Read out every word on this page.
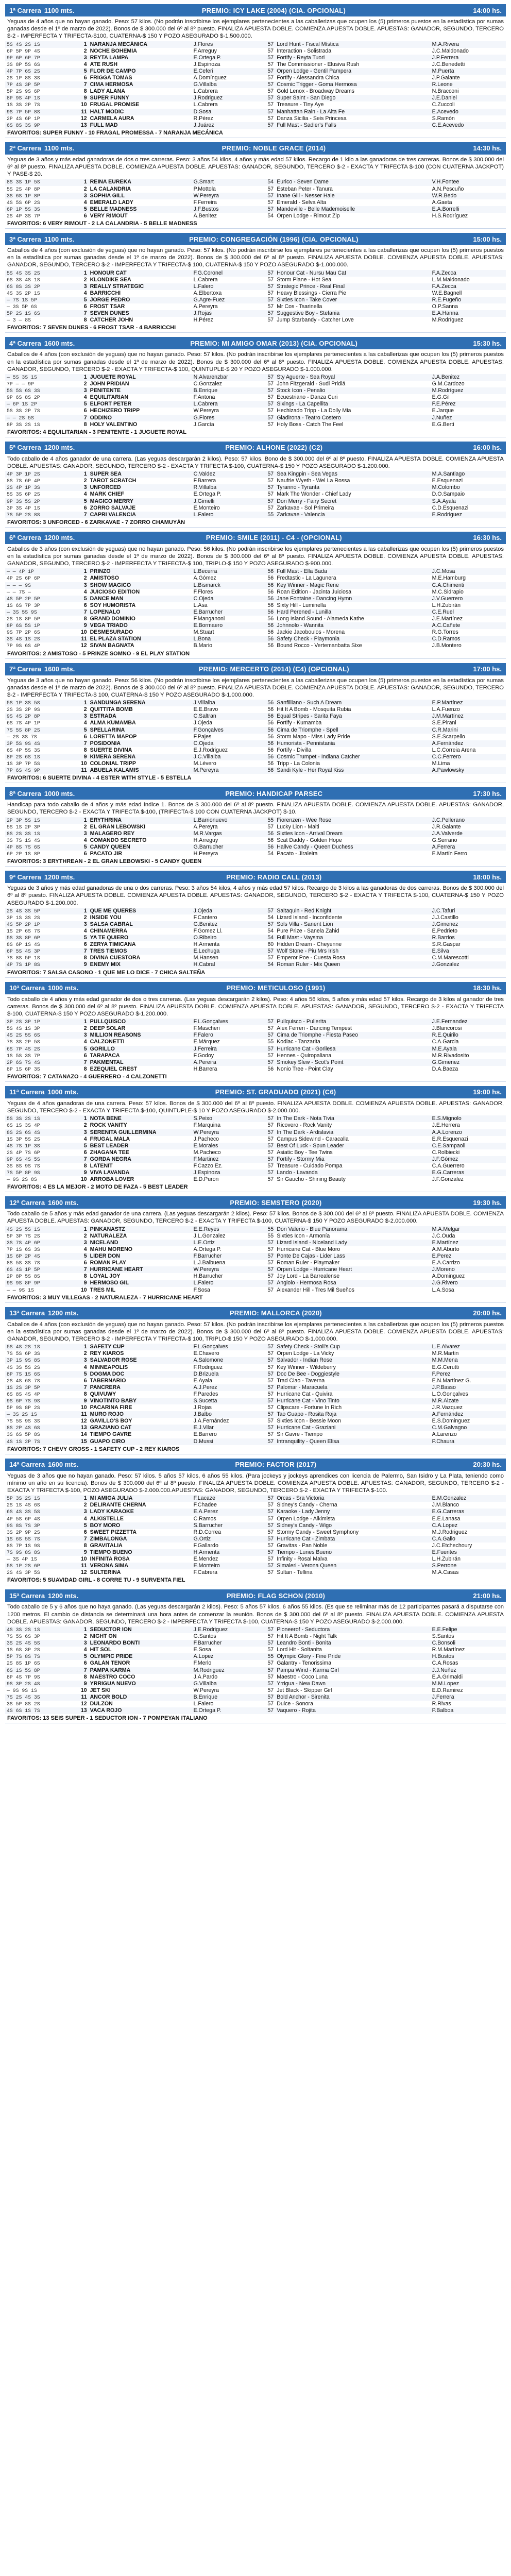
1ª Carrera 1100 mts.	PREMIO: ICY LAKE (2004) (CIA. OPCIONAL)	14:00 hs.
Yeguas de 4 años que no hayan ganado. Peso: 57 kilos. (No podrán inscribirse los ejemplares pertenecientes a las caballerizas que ocupen los (5) primeros puestos en la estadística por sumas ganadas desde el 1º de marzo de 2022). Bonos de $ 300.000 del 6º al 8º puesto. FINALIZA APUESTA DOBLE. COMIENZA APUESTA DOBLE. APUESTAS: GANADOR, SEGUNDO, TERCERO $-2 - IMPERFECTA Y TRIFECTA-$100, CUATERNA-$ 150 Y POZO ASEGURADO $-1.500.000.
5S 4S 2S 1S	1	NARANJA MECÁNICA	J.Flores	57	Lord Hunt - Fiscal Mística	M.A.Rivera
6P 5P 9P 4S	2	NOCHE BOHEMIA	F.Arreguy	57	Interaction - Solistrada	J.C.Maldonado
9P 6P 6P 7P	3	REYTA LAMPA	E.Ortega P.	57	Fortify - Reyta Tuori	J.P.Ferrera
3S 8P 5S 6S	4	ATE RUSH	J.Espinoza	57	The Commissioner - Elusiva Rush	J.C.Benedetti
4P 7P 6S 2S	5	FLOR DE CAMPO	E.Ceferi	57	Orpen Lodge - Gentil Pampera	M.Puerta
2S 1P 8S 3S	6	FRIGGA TOMAS	A.Domínguez	57	Fortify - Alessandra Chica	J.P.Galante
7P 4S 3P 5P	7	CIMA HERMOSA	G.Villalba	57	Cosmic Trigger - Goma Hermosa	R.Leone
5P 2S 9S 6P	8	LADY ALANA	L.Cabrera	57	Gold Lenox - Broadway Dreams	N.Bracconi
8P 9S 4P 1S	9	SUPER FUNNY	J.Rodriguez	57	Super Saint - San Diego	J.E.Daniel
1S 3S 2P 7S	10	FRUGAL PROMISE	L.Cabrera	57	Treasure - Tiny Aye	C.Zuccoli
9S 7P 5P 8S	11	HALT MODIC	D.Sosa	57	Manhattan Rain - La Alta Fe	E.Acevedo
2P 4S 6P 1P	12	CARMELA AURA	R.Pérez	57	Danza Sicilia - Seis Princesa	S.Ramón
6S 8S 3S 9P	13	FULL MAD	J.Juárez	57	Full Mast - Sadler's Falls	C.E.Acevedo
FAVORITOS: SUPER FUNNY - 10 FRAGAL PROMESSA - 7 NARANJA MECÁNICA
2ª Carrera 1100 mts.	PREMIO: NOBLE GRACE (2014)	14:30 hs.
Yeguas de 3 años y más edad ganadoras de dos o tres carreras. Peso: 3 años 54 kilos, 4 años y más edad 57 kilos. Recargo de 1 kilo a las ganadoras de tres carreras. Bonos de $ 300.000 del 6º al 8º puesto. FINALIZA APUESTA DOBLE. COMIENZA APUESTA DOBLE. APUESTAS: GANADOR, SEGUNDO, TERCERO $-2 - EXACTA Y TRIFECTA $-100 (CON CUATERNA JACKPOT) Y PASE-$ 20.
8S 3S 1P 5S	1	REINA EUREKA	G.Smart	54	Eurico - Seven Dame	V.H.Fontee
5S 2S 4P 8P	2	LA CALANDRIA	P.Mottola	57	Esteban Peter - Tanura	A.N.Pescuño
3S 6S 1P 8P	3	SOPHIA GILL	W.Pereyra	57	Inane Gill - Nesser Hale	W.R.Bedo
4S 5S 6P 2S	4	EMERALD LADY	F.Ferreira	57	Emerald - Selva Alta	A.Gaeta
6P 1P 5S 3S	5	BELLE MADNESS	J.F.Bustos	57	Mandeville - Belle Mademoiselle	E.A.Borrelli
2S 4P 3S 7P	6	VERY RIMOUT	A.Benitez	54	Orpen Lodge - Rimout Zip	H.S.Rodríguez
FAVORITOS: 6 VERY RIMOUT - 2 LA CALANDRIA - 5 BELLE MADNESS
3ª Carrera 1100 mts.	PREMIO: CONGREGACIÓN (1996) (CIA. OPCIONAL)	15:00 hs.
Caballos de 4 años (con exclusión de yeguas) que no hayan ganado. Peso: 57 kilos. (No podrán inscribirse los ejemplares pertenecientes a las caballerizas que ocupen los (5) primeros puestos en la estadística por sumas ganadas desde el 1º de marzo de 2022). Bonos de $ 300.000 del 6º al 8º puesto. FINALIZA APUESTA DOBLE. COMIENZA APUESTA DOBLE. APUESTAS: GANADOR, SEGUNDO, TERCERO $-2 - IMPERFECTA Y TRIFECTA-$ 100, CUATERNA-$ 150 Y POZO ASEGURADO $-1.000.000.
5S 4S 3S 2S	1	HONOUR CAT	F.G.Coronel	57	Honour Cat - Nursu Mau Cat	F.A.Zecca
6S 3S 4S 1S	2	KLONDIKE SEA	L.Cabrera	57	Storm Plane - Hot Sea	L.M.Maldonado
6S 8S 3S 2P	3	REALLY STRATEGIC	L.Falero	57	Strategic Prince - Real Final	F.A.Zecca
4S 3S 2P 1S	4	BARRICCHI	A.Elbertoxa	57	Heavy Blessings - Cierra Pie	W.E.Bagnell
— 7S 1S 5P	5	JORGE PEDRO	G.Agre-Fuez	57	Sixties Icon - Take Cover	R.E.Fugeño
— 3S 5P 6S	6	FROST TSAR	A.Pereyra	57	Mr Cos - Tsarinella	O.P.Sanna
5P 2S 1S 6S	7	SEVEN DUNES	J.Rojas	57	Suggestive Boy - Stefania	E.A.Hanna
— 3 — 8S	8	CATCHER JOHN	H.Pérez	57	Jump Starbandy - Catcher Love	M.Rodríguez
FAVORITOS: 7 SEVEN DUNES - 6 FROST TSAR - 4 BARRICCHI
4ª Carrera 1600 mts.	PREMIO: MI AMIGO OMAR (2013) (CIA. OPCIONAL)	15:30 hs.
Caballos de 4 años (con exclusión de yeguas) que no hayan ganado. Peso: 57 kilos. (No podrán inscribirse los ejemplares pertenecientes a las caballerizas que ocupen los (5) primeros puestos en la estadística por sumas ganadas desde el 1º de marzo de 2022). Bonos de $ 300.000 del 6º al 8º puesto. FINALIZA APUESTA DOBLE. COMIENZA APUESTA DOBLE. APUESTAS: GANADOR, SEGUNDO, TERCERO $-2 - EXACTA Y TRIFECTA-$ 100, QUINTUPLE-$ 20 Y POZO ASEGURADO $-1.000.000.
— 5S 3S 1S	1	JUGUETE ROYAL	N.Alvarenzbar	57	Sty Aguerte - Sea Royal	J.A.Benitez
7P — — 9P	2	JOHN PRIDIAN	C.Gonzalez	57	John Fitzgerald - Sudi Pridiá	G.M.Cardozo
5S 5S 6S 3S	3	PENITENTE	B.Enrique	57	Stock Icon - Penalio	M.Rodríguez
9P 6S 8S 2P	4	EQUILITARIAN	F.Antona	57	Ecuestriano - Danza Curi	E.G.Gil
— 6P 1S 2P	5	ELFORT PETER	L.Cabrera	57	Sixings - La Capellita	F.E.Pérez
5S 3S 2P 7S	6	HECHIZERO TRIPP	W.Pereyra	57	Hechizado Tripp - La Dolly Mia	E.Jarque
— — 2S 5S	7	ODDINO	G.Flores	57	Gladirona - Teatro Costero	J.Nuñez
8P 3S 2S 1S	8	HOLY VALENTINO	J.García	57	Holy Boss - Catch The Feel	E.G.Berti
FAVORITOS: 4 EQUILITARIAN - 3 PENITENTE - 1 JUGUETE ROYAL
5ª Carrera 1200 mts.	PREMIO: ALHONE (2022) (C2)	16:00 hs.
Todo caballo de 4 años ganador de una carrera. (Las yeguas descargarán 2 kilos). Peso: 57 kilos. Bono de $ 300.000 del 6º al 8º puesto. FINALIZA APUESTA DOBLE. COMIENZA APUESTA DOBLE. APUESTAS: GANADOR, SEGUNDO, TERCERO $-2 - EXACTA Y TRIFECTA $-100, CUATERNA-$ 150 Y POZO ASEGURADO $-1.200.000.
4P 3P 1P 2S	1	SUPER SEA	C.Valdez	57	Sea Kingpin - Sea Vegas	M.A.Santiago
8S 7S 6P 4P	2	TAROT SCRATCH	F.Barrera	57	Naufrie Wyeth - Wel La Rossa	E.Esquenazi
2S 4P 1P 3S	3	UNFORCED	R.Villalba	57	Tyranno - Tyranta	M.Colombo
5S 3S 6P 2S	4	MARK CHIEF	E.Ortega P.	57	Mark The Wonder - Chief Lady	D.O.Sampaio
9P 3S 5S 2P	5	MAGICO MERRY	J.Gimelli	57	Don Merry - Fairy Secret	S.A.Ayala
3P 3S 4P 1S	6	ZORRO SALVAJE	E.Monteiro	57	Zarkavae - Sol Primeira	C.D.Esquenazi
7S 5P 2S 8S	7	CAPRI VALENCIA	L.Falero	55	Zarkavae - Valencia	E.Rodriguez
FAVORITOS: 3 UNFORCED - 6 ZARKAVAE - 7 ZORRO CHAMUYÁN
6ª Carrera 1200 mts.	PREMIO: SMILE (2011) - C4 - (OPCIONAL)	16:30 hs.
Caballos de 3 años (con exclusión de yeguas) que no hayan ganado. Peso: 56 kilos. (No podrán inscribirse los ejemplares pertenecientes a las caballerizas que ocupen los (5) primeros puestos en la estadística por sumas ganadas desde el 1º de marzo de 2022). Bonos de $ 300.000 del 6º al 8º puesto. FINALIZA APUESTA DOBLE. COMIENZA APUESTA DOBLE. APUESTAS: GANADOR, SEGUNDO, TERCERO $-2 - IMPERFECTA Y TRIFECTA-$ 100, TRIPLO-$ 150 Y POZO ASEGURADO $-900.000.
— — 4P 1P	1	PRINZO	L.Becerra	56	Full Mast - Ella Bada	J.C.Mosa
4P 2S 6P 6P	2	AMISTOSO	A.Gómez	56	Fredtastic - La Lagunera	M.E.Hamburg
— — — 9S	3	SHOW MAGICO	L.Bismarck	56	Key Winner - Magic Rene	C.A.Chimenti
— — 7S —	4	JUICIOSO EDITION	F.Flores	56	Roan Edition - Jacinta Juiciosa	M.C.Sidrapio
4S 5P 2P 5P	5	DANCE MAN	C.Ojeda	56	Jane Fontaine - Dancing Hymn	J.V.Guerrero
1S 6S 7P 3P	6	SOY HUMORISTA	L.Asa	56	Sixty Hill - Luminella	L.H.Zubirán
— 3S 5S 9S	7	LOPENALO	E.Barrucher	56	Hard Perened - Lunilla	C.E.Ruel
2S 1S 8P 5P	8	GRAND DOMINIO	F.Manganoni	56	Long Island Sound - Alameda Kathe	J.E.Martínez
8P 6S 5S 1P	9	VEGA TRIADO	E.Bormaero	56	Johnnolo - Wannita	A.C.Cañete
9S 7P 2P 6S	10	DESMESURADO	M.Stuart	56	Jackie Jacoboulos - Morena	R.G.Torres
3S 4S 1S 2S	11	EL PLAZA STATION	L.Bona	56	Safety Check - Playmonia	C.D.Ramos
7P 9S 6S 4P	12	SIVAN BAGNATA	B.Mario	56	Bound Rocco - Vertemanbatta Sixe	J.B.Montero
FAVORITOS: 2 AMISTOSO - 5 PRINZE SOMNO - 9 EL PLAY STATION
7ª Carrera 1600 mts.	PREMIO: MERCERTO (2014) (C4) (OPCIONAL)	17:00 hs.
Yeguas de 3 años que no hayan ganado. Peso: 56 kilos. (No podrán inscribirse los ejemplares pertenecientes a las caballerizas que ocupen los (5) primeros puestos en la estadística por sumas ganadas desde el 1º de marzo de 2022). Bonos de $ 300.000 del 6º al 8º puesto. FINALIZA APUESTA DOBLE. COMIENZA APUESTA DOBLE. APUESTAS: GANADOR, SEGUNDO, TERCERO $-2 - IMPERFECTA Y TRIFECTA-$ 100, CUATERNA-$ 150 Y POZO ASEGURADO $-1.000.000.
5S 1P 3S 5S	1	SANDUNGA SERENA	J.Villalba	56	Sanfilliano - Such A Dream	E.P.Martínez
2S 3S 2P 9S	2	QUITTITA BOMB	E.E.Bravo	56	Hit It A Bomb - Mosquita Rubia	L.A.Fuenzo
9S 4S 2P 8P	3	ESTRADA	C.Saltran	56	Equal Stripes - Sarita Faya	J.M.Martínez
6S 7S 4P 1P	4	ALMA KUMAMBA	J.Ojeda	56	Fortify - Kumamba	S.E.Pirani
7S 5S 8P 2S	5	SPELLARINA	F.Gonçalves	56	Cima de Triomphe - Spell	C.R.Marini
— 2S 3S 7S	6	LORETTA MAPOP	F.Pajes	56	Storm Mapo - Miss Lady Pride	S.E.Scarpello
3P 5S 9S 4S	7	POSIDONIA	C.Ojeda	56	Humorista - Pennistania	A.Fernández
6S 4P 5S 3S	8	SUERTE DIVINA	E.J.Rodriguez	56	Fortify - Divilla	L.C.Correia Arena
8P 2S 6S 1S	9	KIMERA SERENA	J.C.Villalba	56	Cosmic Trumpet - Indiana Catcher	C.C.Ferrero
1S 3P 7P 5S	10	COLONIAL TRIPP	M.Lévero	56	Tripp - La Colonia	M.Lima
7P 6S 4S 9P	11	ABUELA KALAMIS	M.Pereyra	56	Sandi Kyle - Her Royal Kiss	A.Pawlowsky
FAVORITOS: 6 SUERTE DIVINA - 4 ESTER WITH STYLE - 5 ESTELLA
8ª Carrera 1000 mts.	PREMIO: HANDICAP PARSEC	17:30 hs.
Handicap para todo caballo de 4 años y más edad índice 1. Bonos de $ 300.000 del 6º al 8º puesto. FINALIZA APUESTA DOBLE. COMIENZA APUESTA DOBLE. APUESTAS: GANADOR, SEGUNDO, TERCERO $-2 - EXACTA Y TRIFECTA $-100, (TRIFECTA-$ 100 CON CUATERNA JACKPOT) $-10.
2P 3P 5S 1S	1	ERYTHRINA	L.Barrionuevo	55	Fiorenzen - Wee Rose	J.C.Pellerano
5S 1S 2P 3P	2	EL GRAN LEBOWSKI	A.Pereyra	57	Lucky Lion - Maiti	J.R.Galante
8S 2S 3S 1S	3	MALAGERO REY	M.R.Vargas	56	Sixties Icon - Arrival Dream	J.A.Valverde
3S 7S 1S 4S	4	COMANDO SECRETO	H.Arreguy	56	Scat Daddy - Golden Hope	G.Serrano
4P 8S 7S 6S	5	CANDY QUEEN	G.Barrucher	56	Hallve Candy - Queen Duchess	A.Ferrera
6P 2P 1S 8P	6	PACATO JIR	H.Pereyra	54	Pacato - Jiraleira	E.Martín Ferro
FAVORITOS: 3 ERYTHREAN - 2 EL GRAN LEBOWSKI - 5 CANDY QUEEN
9ª Carrera 1200 mts.	PREMIO: RADIO CALL (2013)	18:00 hs.
Yeguas de 3 años y más edad ganadoras de una o dos carreras. Peso: 3 años 54 kilos, 4 años y más edad 57 kilos. Recargo de 3 kilos a las ganadoras de dos carreras. Bonos de $ 300.000 del 6º al 8º puesto. FINALIZA APUESTA DOBLE. COMIENZA APUESTA DOBLE. APUESTAS: GANADOR, SEGUNDO, TERCERO $-2 - EXACTA Y TRIFECTA $-100, CUATERNA-$ 150 Y POZO ASEGURADO $-1.200.000.
2S 4S 3S 5P	1	QUÉ ME QUERÉS	J.Ojeda	57	Saltaquin - Red Knight	J.C.Tafuri
3P 1S 3S 2S	2	INSIDE YOU	F.Cantero	54	Lizard Island - Inconfidente	J.J.Castillo
4S 5P 2P 1P	3	SALSA CABRAL	G.Benitez	57	Sols Villa - Sanent Lion	J.Gimenez
1S 2P 6S 7S	4	CHINAMERRA	F.Gomez Ll.	54	Pure Prize - Sanela Zahid	E.Pedrieto
5S 3S 8P 6P	5	YA TE QUIERO	O.Ribeiro	54	Full Mast - Vaysma	R.Barrios
8S 6P 1S 4S	6	ZERYA TIMICANA	H.Armenta	60	Hidden Dream - Cheyenne	S.R.Gaspar
6P 5S 4S 3P	7	TRES TIEMOS	E.Lechuga	57	Wolf Stone - Piu Mrs Irish	E.Silva
7S 8S 5P 1S	8	DIVINA CUESTORA	M.Hansen	57	Emperor Poe - Cuesta Rosa	C.M.Marescotti
4P 7S 1P 8S	9	ENEMY MIX	H.Cabral	54	Roman Ruler - Mix Queen	J.Gonzalez
FAVORITOS: 7 SALSA CASONO - 1 QUE ME LO DICE - 7 CHICA SALTEÑA
10ª Carrera 1000 mts.	PREMIO: METICULOSO (1991)	18:30 hs.
Todo caballo de 4 años y más edad ganador de dos o tres carreras. (Las yeguas descargarán 2 kilos). Peso: 4 años 56 kilos, 5 años y más edad 57 kilos. Recargo de 3 kilos al ganador de tres carreras. Bonos de $ 300.000 del 6º al 8º puesto. FINALIZA APUESTA DOBLE. COMIENZA APUESTA DOBLE. APUESTAS: GANADOR, SEGUNDO, TERCERO $-2 - EXACTA Y TRIFECTA $-100, CUATERNA-$ 150 Y POZO ASEGURADO $-1.200.000.
3P 2S 3P 1P	1	PULLQUISCO	F.L.Gonçalves	57	Pullquisco - Pullerita	J.E.Fernandez
5S 4S 1S 3P	2	DEEP SOLAR	F.Mascheri	57	Alex Ferreri - Dancing Tempest	J.Blancorosi
4S 2S 5S 6S	3	MILLION REASONS	F.Falero	57	Cima de Triomphe - Fiesta Paseo	R.E.Quirilo
7S 3S 2P 5S	4	CALZONETTI	E.Márquez	55	Kodiac - Tanzarita	C.A.Garcia
6S 7P 4S 2S	5	GORILLO	J.Ferreira	57	Hurricane Cat - Gorilesa	M.E.Ayala
1S 5S 3S 7P	6	TARAPACA	F.Godoy	57	Hennes - Quiropaliana	M.R.Rivadosito
2P 6S 7S 4S	7	PAKMENTAL	A.Pereira	57	Smokey Slew - Scot's Point	G.Gimenez
8P 1S 6P 3S	8	EZEQUIEL CREST	H.Barrera	56	Nonio Tree - Point Clay	D.A.Baeza
FAVORITOS: 7 CATANAZO - 4 GUERRERO - 4 CALZONETTI
11ª Carrera 1000 mts.	PREMIO: ST. GRADUADO (2021) (C6)	19:00 hs.
Yeguas de 4 años ganadoras de una carrera. Peso: 57 kilos. Bonos de $ 300.000 del 6º al 8º puesto. FINALIZA APUESTA DOBLE. COMIENZA APUESTA DOBLE. APUESTAS: GANADOR, SEGUNDO, TERCERO $-2 - EXACTA Y TRIFECTA $-100, QUINTUPLE-$ 10 Y POZO ASEGURADO $-2.000.000.
5S 3S 2S 1S	1	NOTA BENE	S.Peixo	57	In The Dark - Nota Tivia	E.S.Mignolo
6S 1S 3S 4P	2	ROCK VANITY	F.Marquina	57	Ricovero - Rock Vanity	J.E.Herrera
8S 2S 6S 4S	3	SERENITA GUILLERMINA	W.Pereyra	57	In The Dark - Ardislavia	A.A.Lorenzo
1S 3P 5S 2S	4	FRUGAL MALA	J.Pacheco	57	Campus Sidewind - Caracalla	E.R.Esquenazi
4S 7S 1P 3S	5	BEST LEADER	E.Morales	57	Best Of Luck - Spun Leader	C.E.Sampaoli
2S 4P 7S 6P	6	ZHAGANA TEE	M.Pacheco	57	Asiatic Boy - Tee Twins	C.Rolbiecki
9P 6S 4S 5S	7	GORDA NEGRA	F.Martinez	57	Fortify - Stormy Mia	J.F.Gómez
3S 8S 9S 7S	8	LATENIT	F.Cazzo Ez.	57	Treasure - Cuidado Pompa	C.A.Guerrero
7S 5P 8P 9S	9	VIVA LAVANDA	J.Espinoza	57	Lando - Lavanda	E.G.Carreras
— 9S 2S 8S	10	ARROBA LOVER	E.D.Puron	57	Sir Gaucho - Shining Beauty	J.F.Gonzalez
FAVORITOS: 4 ES LA MEJOR - 2 MOTO DE FAZA - 5 BEST LEADER
12ª Carrera 1600 mts.	PREMIO: SEMSTERO (2020)	19:30 hs.
Todo caballo de 5 años y más edad ganador de una carrera. (Las yeguas descargarán 2 kilos). Peso: 57 kilos. Bonos de $ 300.000 del 6º al 8º puesto. FINALIZA APUESTA DOBLE. COMIENZA APUESTA DOBLE. APUESTAS: GANADOR, SEGUNDO, TERCERO $-2 - EXACTA Y TRIFECTA $-100, CUATERNA-$ 150 Y POZO ASEGURADO $-2.000.000.
4S 2S 5S 1S	1	PINKANASTZ	E.E.Reyes	55	Don Valerio - Blue Panorama	M.A.Melgar
5P 3P 7S 2S	2	NATURALEZA	J.L.Gonzalez	55	Sixties Icon - Armonía	J.C.Ouda
3S 7S 4P 6P	3	NICELAND	L.E.Ortiz	57	Lizard Island - Niceland Lady	E.Martínez
7P 1S 6S 3S	4	MAHU MORENO	A.Ortega P.	57	Hurricane Cat - Blue Moro	A.M.Aburto
1S 6P 2P 4S	5	LIDER DON	F.Barrucher	57	Ponte De Cajas - Lider Lass	E.Perez
8S 5S 3S 7S	6	ROMAN PLAY	L.J.Balbuena	57	Roman Ruler - Playmaker	E.A.Carrizo
6S 4S 1P 5P	7	HURRICANE HEART	W.Pereyra	57	Orpen Lodge - Hurricane Heart	J.Moreno
2P 8P 5S 8S	8	LOYAL JOY	H.Barrucher	57	Joy Lord - La Barrealense	A.Dominguez
9S 9S 8P 9P	9	HERMOSO GIL	L.Falero	57	Angiolo - Hermosa Rosa	J.G.Rivero
— — 9S 1S	10	TRES MIL	F.Sosa	57	Alexander Hill - Tres Mil Sueños	L.A.Sosa
FAVORITOS: 3 MUY VILLEGAS - 2 NATURALEZA - 7 HURRICANE HEART
13ª Carrera 1200 mts.	PREMIO: MALLORCA (2020)	20:00 hs.
Caballos de 4 años (con exclusión de yeguas) que no hayan ganado. Peso: 57 kilos. (No podrán inscribirse los ejemplares pertenecientes a las caballerizas que ocupen los (5) primeros puestos en la estadística por sumas ganadas desde el 1º de marzo de 2022). Bonos de $ 300.000 del 6º al 8º puesto. FINALIZA APUESTA DOBLE. COMIENZA APUESTA DOBLE. APUESTAS: GANADOR, SEGUNDO, TERCERO $-2 - IMPERFECTA Y TRIFECTA-$ 100, TRIPLO-$ 150 Y POZO ASEGURADO $-1.000.000.
5S 4S 2S 1S	1	SAFETY CUP	F.L.Gonçalves	57	Safety Check - Stoli's Cup	L.E.Alvarez
7S 5S 6P 3S	2	REY KIAROS	E.Chavero	57	Orpen Lodge - La Vicky	M.R.Martin
3P 1S 9S 8S	3	SALVADOR ROSE	A.Salomone	57	Salvador - Indian Rose	M.M.Mena
4S 3S 5S 2S	4	MINNEAPOLIS	F.Rodriguez	57	Key Winner - Wildeberry	E.G.Cerutti
8P 7S 1S 6S	5	DOGMA DOC	D.Brizuela	57	Doc De Bee - Doggiestyle	F.Perez
2S 4S 6S 7S	6	TABERNARIO	E.Ayala	57	Trad Ciao - Taverna	E.N.Martínez G.
1S 2S 3P 5P	7	PANCRERA	A.J.Perez	57	Palomar - Maracuela	J.P.Basso
6S 8S 4S 4P	8	QUIVUWY	F.Paredes	57	Hurricane Cat - Quivira	L.O.Gonçalves
9S 6P 7S 9S	9	VINOTINTO BABY	S.Sucetta	57	Hurricane Cat - Vino Tinto	M.R.Alzate
5P 9S 8P 2S	10	PACARINA FIRE	J.Rojas	57	Clipscare - Fortune In Rich	J.R.Vazquez
— 3S 2S 1S	11	MURO ROJO	J.Balbo	57	Tao Guapo - Rosita Roja	A.Fernández
7S 5S 9S 3S	12	GAVILLO'S BOY	J.A.Fernández	57	Sixties Icon - Bessie Moon	E.S.Dominguez
8S 2P 4S 6S	13	GRAZIANO CAT	E.J.Vilar	57	Hurricane Cat - Graziani	C.M.Galvagno
3S 6S 5P 8S	14	TIEMPO GAVRE	E.Barrero	57	Sir Gavre - Tiempo	A.Larenzo
4S 1S 2P 7S	15	GUAPO CIRO	D.Mussi	57	Intranquility - Queen Elisa	P.Chaura
FAVORITOS: 7 CHEVY GROSS - 1 SAFETY CUP - 2 REY KIAROS
14ª Carrera 1600 mts.	PREMIO: FACTOR (2017)	20:30 hs.
Yeguas de 3 años que no hayan ganado. Peso: 57 kilos. 5 años 57 kilos, 6 años 55 kilos. (Para jockeys y jockeys aprendices con licencia de Palermo, San Isidro y La Plata, teniendo como mínimo un año en su licencia). Bonos de $ 300.000 del 6º al 8º puesto. FINALIZA APUESTA DOBLE. COMIENZA APUESTA DOBLE. APUESTAS: GANADOR, SEGUNDO, TERCERO $-2 - EXACTA Y TRIFECTA $-100, POZO ASEGURADO $-2.000.000.APUESTAS: GANADOR, SEGUNDO, TERCERO $-2 - EXACTA Y TRIFECTA $-100.
5P 3S 2S 1S	1	MI AMIGA JULIA	F.Lacaze	57	Orcas - Sra Victoria	E.M.Gonzalez
2S 1S 4S 6S	2	DELIRANTE CHERNA	F.Chadee	57	Sidney's Candy - Cherna	J.M.Blanco
6S 4S 3S 5S	3	LADY KARAOKE	E.A.Perez	57	Karaoke - Lady Jenny	E.G.Carreras
4P 5S 6P 4S	4	ALKISTELLE	C.Ramos	57	Orpen Lodge - Alkimista	E.E.Lanasa
9S 8S 7S 3P	5	BOY MORO	S.Barrucher	57	Sidney's Candy - Wigo	C.A.Lopez
3S 2P 9P 2S	6	SWEET PIZZETTA	R.D.Correa	57	Stormy Candy - Sweet Symphony	M.J.Rodriguez
1S 6S 5S 7S	7	ZIMBALONGA	G.Ortiz	57	Hurricane Cat - Zimbata	C.A.Gallo
8S 7P 1S 9S	8	GRAVITALIA	F.Gallardo	57	Gravitas - Pan Noble	J.C.Etchechoury
7S 9S 8S 8S	9	TIEMPO BUENO	H.Armenta	57	Tiempo - Lunes Bueno	E.Fuentes
— 3S 4P 1S	10	INFINITA ROSA	E.Mendez	57	Infinity - Rosal Malva	L.H.Zubirán
5S 1P 2S 6P	11	VERONA SIMA	E.Monteiro	57	Simaleri - Verona Queen	S.Perrone
2S 4S 3P 5S	12	SULTERINA	F.Cabrera	57	Sultan - Tellina	M.A.Casas
FAVORITOS: 5 SUAVIDAD GIRL - 8 CORRE TU - 9 SURVENTA FIEL
15ª Carrera 1200 mts.	PREMIO: FLAG SCHON (2010)	21:00 hs.
Todo caballo de 5 y 6 años que no haya ganado. (Las yeguas descargarán 2 kilos). Peso: 5 años 57 kilos, 6 años 55 kilos. (Es que se reliminar más de 12 participantes pasará a disputarse con 1200 metros. El cambio de distancia se determinará una hora antes de comenzar la reunión. Bonos de $ 300.000 del 6º al 8º puesto. FINALIZA APUESTA DOBLE. COMIENZA APUESTA DOBLE. APUESTAS: GANADOR, SEGUNDO, TERCERO $-2 - IMPERFECTA Y TRIFECTA $-100, CUATERNA-$ 150 Y POZO ASEGURADO $-2.000.000.
4S 3S 2S 1S	1	SEDUCTOR ION	J.E.Rodriguez	57	Pioneerof - Seductora	E.E.Felipe
7S 5S 6S 3P	2	NIGHT ON	G.Santos	57	Hit It A Bomb - Night Talk	S.Santos
3S 2S 4S 5S	3	LEONARDO BONTI	F.Barrucher	57	Leandro Bonti - Bonita	C.Bonsoli
1S 6S 3P 2S	4	HIT SOL	E.Sosa	57	Lord Hit - Soltanita	R.M.Martínez
5P 7S 8S 7S	5	OLYMPIC PRIDE	A.Lopez	55	Olympic Glory - Fine Pride	H.Bustos
2S 8S 1P 6S	6	GALÁN TENOR	F.Merlo	57	Galantry - Tenorissima	C.A.Rosas
6S 1S 5S 8P	7	PAMPA KARMA	M.Rodriguez	57	Pampa Wind - Karma Girl	J.J.Nuñez
8P 4S 7P 9S	8	MAESTRO COCO	J.A.Pardo	57	Maestro - Coco Luna	E.A.Grimaldi
9S 3P 2S 4S	9	YRRIGUA NUEVO	G.Villalba	57	Yrrigua - New Dawn	M.M.Lopez
— 9S 9S 1S	10	JET SKI	W.Pereyra	57	Jet Black - Skipper Girl	E.D.Ramirez
7S 2S 4S 3S	11	ANCOR BOLD	B.Enrique	57	Bold Anchor - Sirenita	J.Ferrera
3S 5P 8S 2S	12	DULZÓN	L.Falero	57	Dulce - Sonora	R.Rivas
4S 6S 1S 7S	13	VACA ROJO	E.Ortega P.	57	Vaquero - Rojita	P.Balboa
FAVORITOS: 13 SEIS SUPER - 1 SEDUCTOR ION - 7 POMPEYAN ITALIANO
